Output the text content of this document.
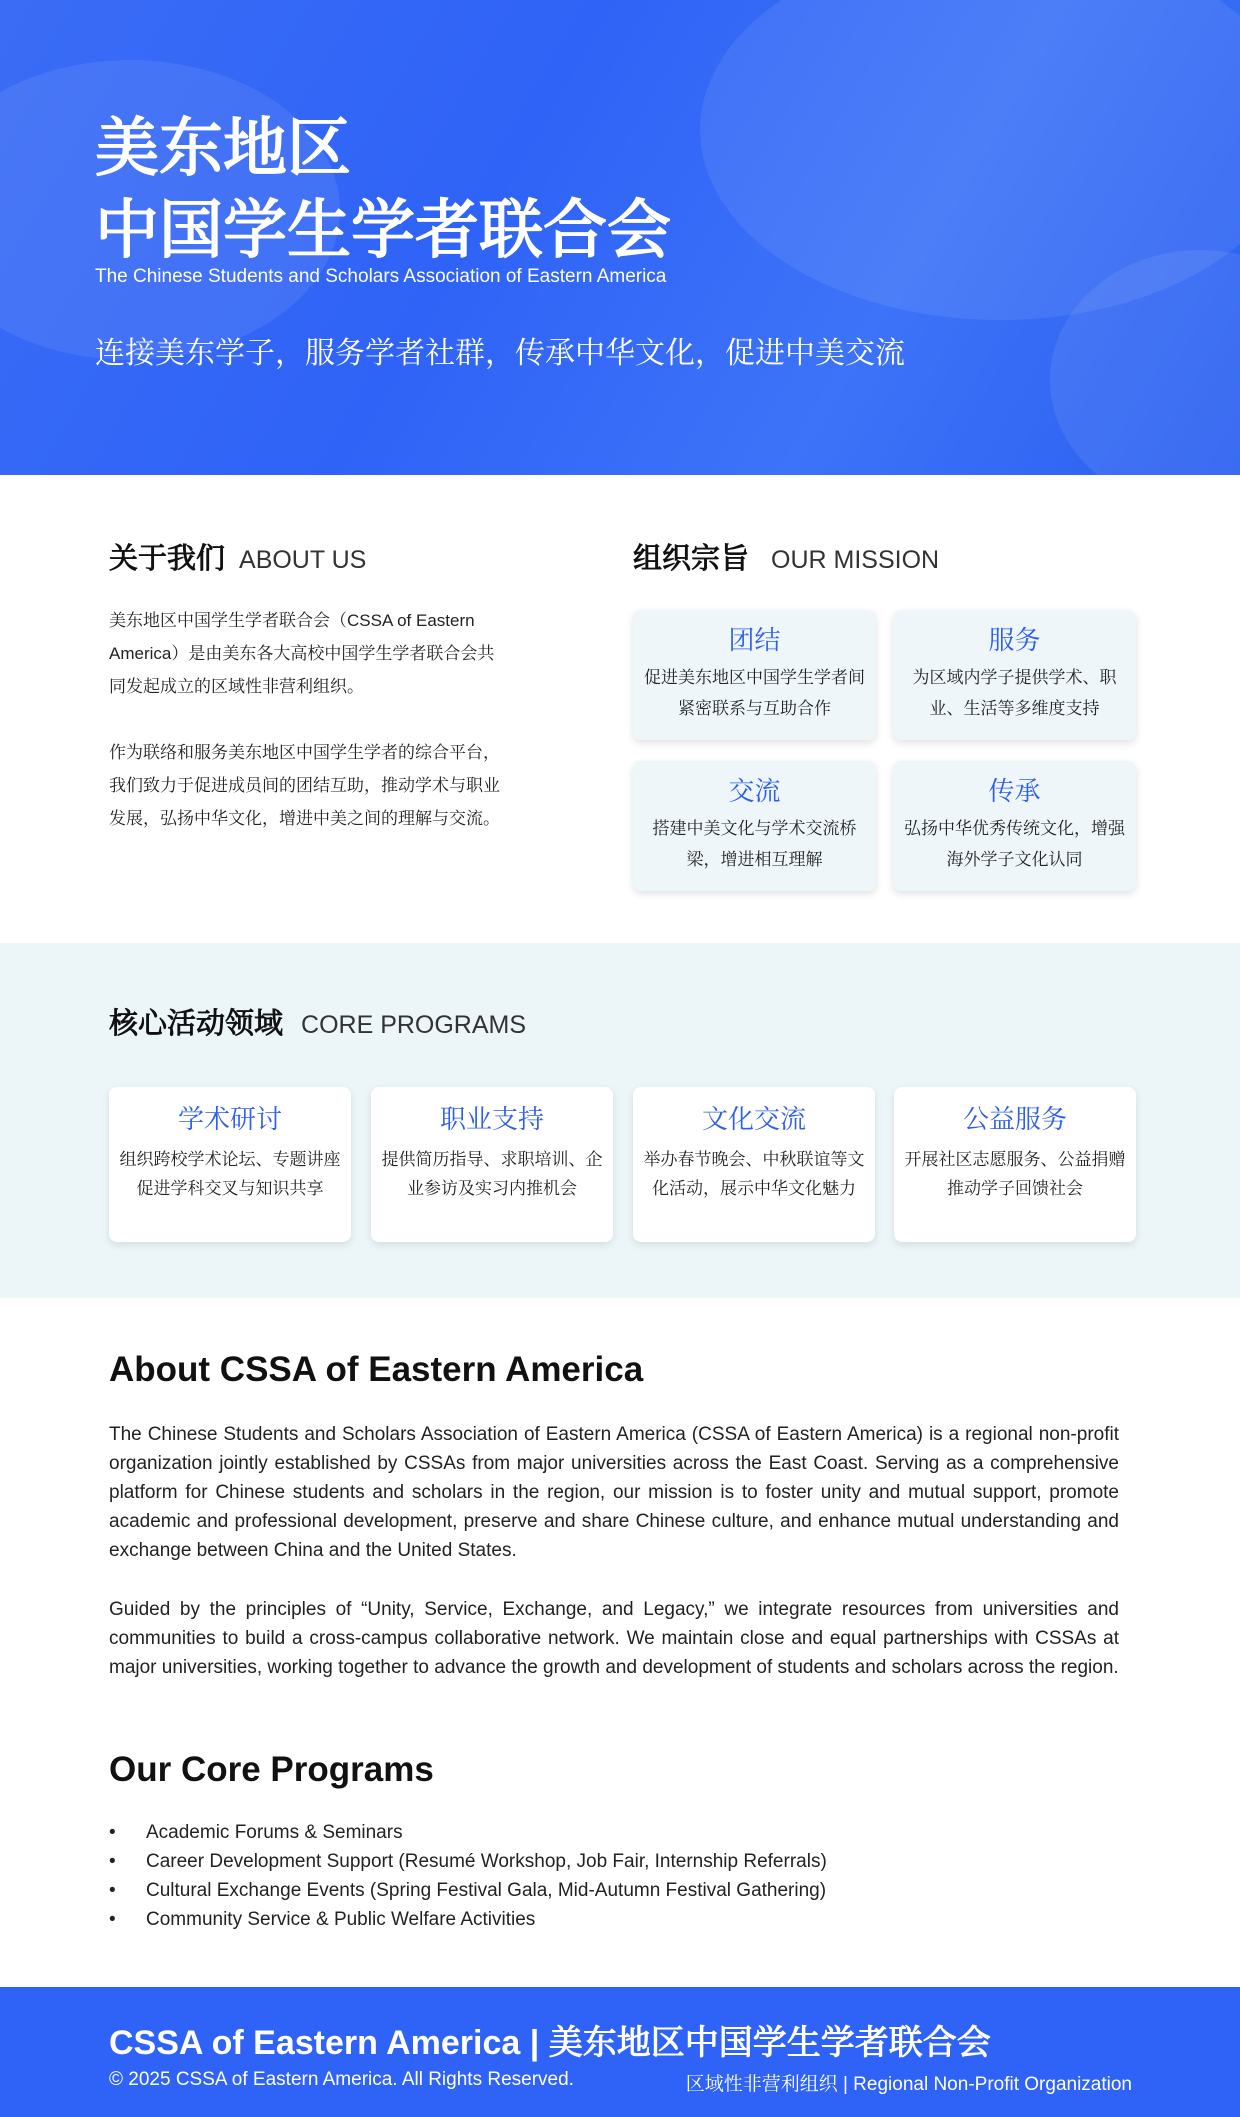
美东地区
中国学生学者联合会
The Chinese Students and Scholars Association of Eastern America
连接美东学子，服务学者社群，传承中华文化，促进中美交流
关于我们 ABOUT US

美东地区中国学生学者联合会（CSSA of Eastern America）是由美东各大高校中国学生学者联合会共同发起成立的区域性非营利组织。

作为联络和服务美东地区中国学生学者的综合平台，我们致力于促进成员间的团结互助，推动学术与职业发展，弘扬中华文化，增进中美之间的理解与交流。

组织宗旨 OUR MISSION
团结
促进美东地区中国学生学者间紧密联系与互助合作
服务
为区域内学子提供学术、职业、生活等多维度支持
交流
搭建中美文化与学术交流桥梁，增进相互理解
传承
弘扬中华优秀传统文化，增强海外学子文化认同
核心活动领域 CORE PROGRAMS
学术研讨
组织跨校学术论坛、专题讲座促进学科交叉与知识共享
职业支持
提供简历指导、求职培训、企业参访及实习内推机会
文化交流
举办春节晚会、中秋联谊等文化活动，展示中华文化魅力
公益服务
开展社区志愿服务、公益捐赠推动学子回馈社会
About CSSA of Eastern America

The Chinese Students and Scholars Association of Eastern America (CSSA of Eastern America) is a regional non-profit organization jointly established by CSSAs from major universities across the East Coast. Serving as a comprehensive platform for Chinese students and scholars in the region, our mission is to foster unity and mutual support, promote academic and professional development, preserve and share Chinese culture, and enhance mutual understanding and exchange between China and the United States.

Guided by the principles of “Unity, Service, Exchange, and Legacy,” we integrate resources from universities and communities to build a cross-campus collaborative network. We maintain close and equal partnerships with CSSAs at major universities, working together to advance the growth and development of students and scholars across the region.

Our Core Programs
•	Academic Forums & Seminars
•	Career Development Support (Resumé Workshop, Job Fair, Internship Referrals)
•	Cultural Exchange Events (Spring Festival Gala, Mid-Autumn Festival Gathering)
•	Community Service & Public Welfare Activities
CSSA of Eastern America | 美东地区中国学生学者联合会
© 2025 CSSA of Eastern America. All Rights Reserved.	区域性非营利组织 | Regional Non-Profit Organization
